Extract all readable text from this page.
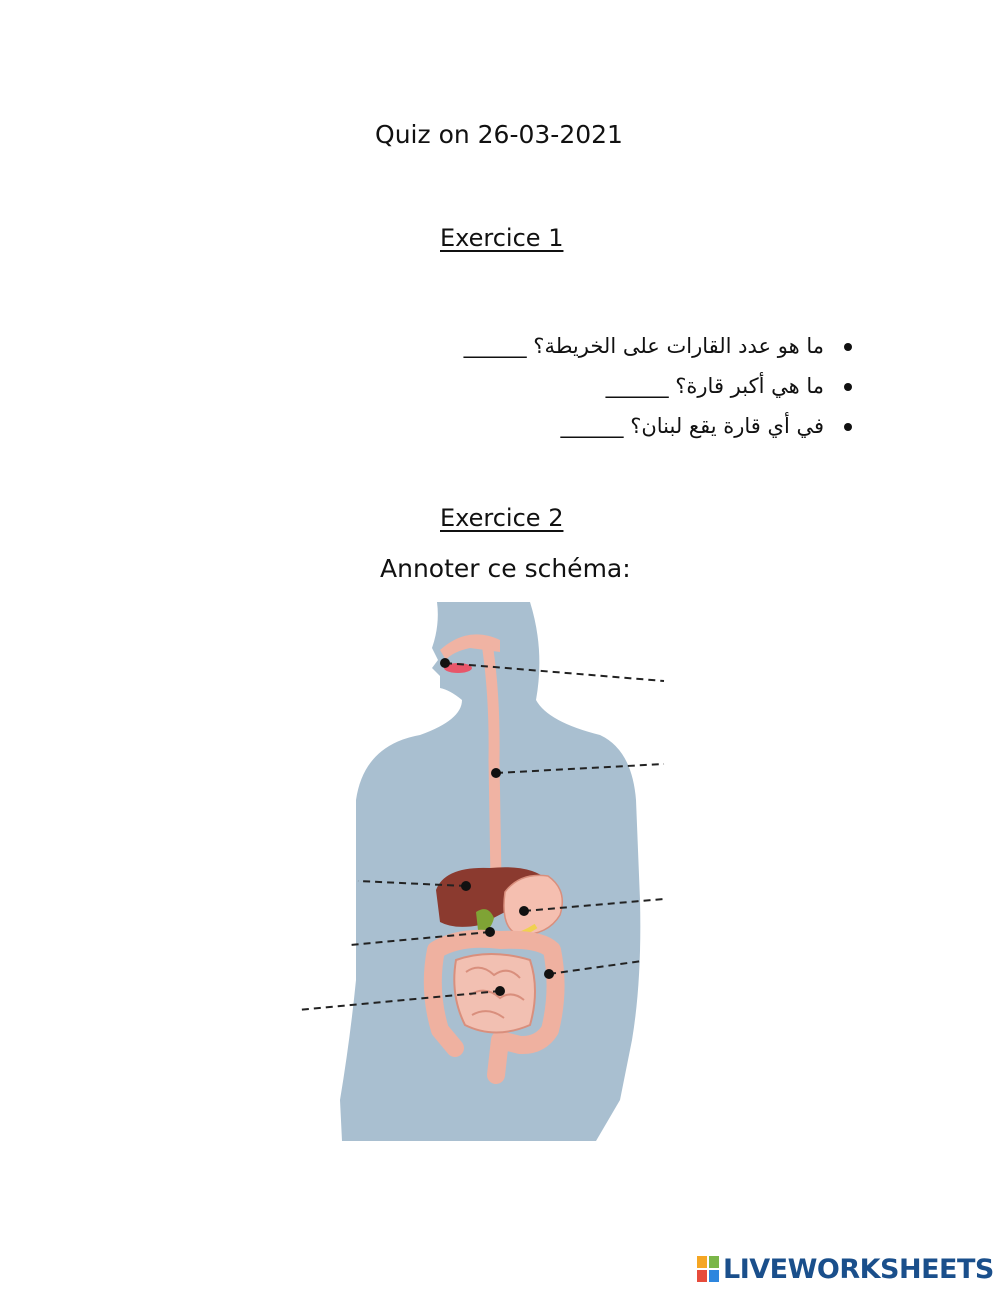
Quiz on 26-03-2021
Exercice 1
ما هو عدد القارات على الخريطة؟ ______
ما هي أكبر قارة؟ ______
في أي قارة يقع لبنان؟ ______
Exercice 2
Annoter ce schéma:
LIVEWORKSHEETS
